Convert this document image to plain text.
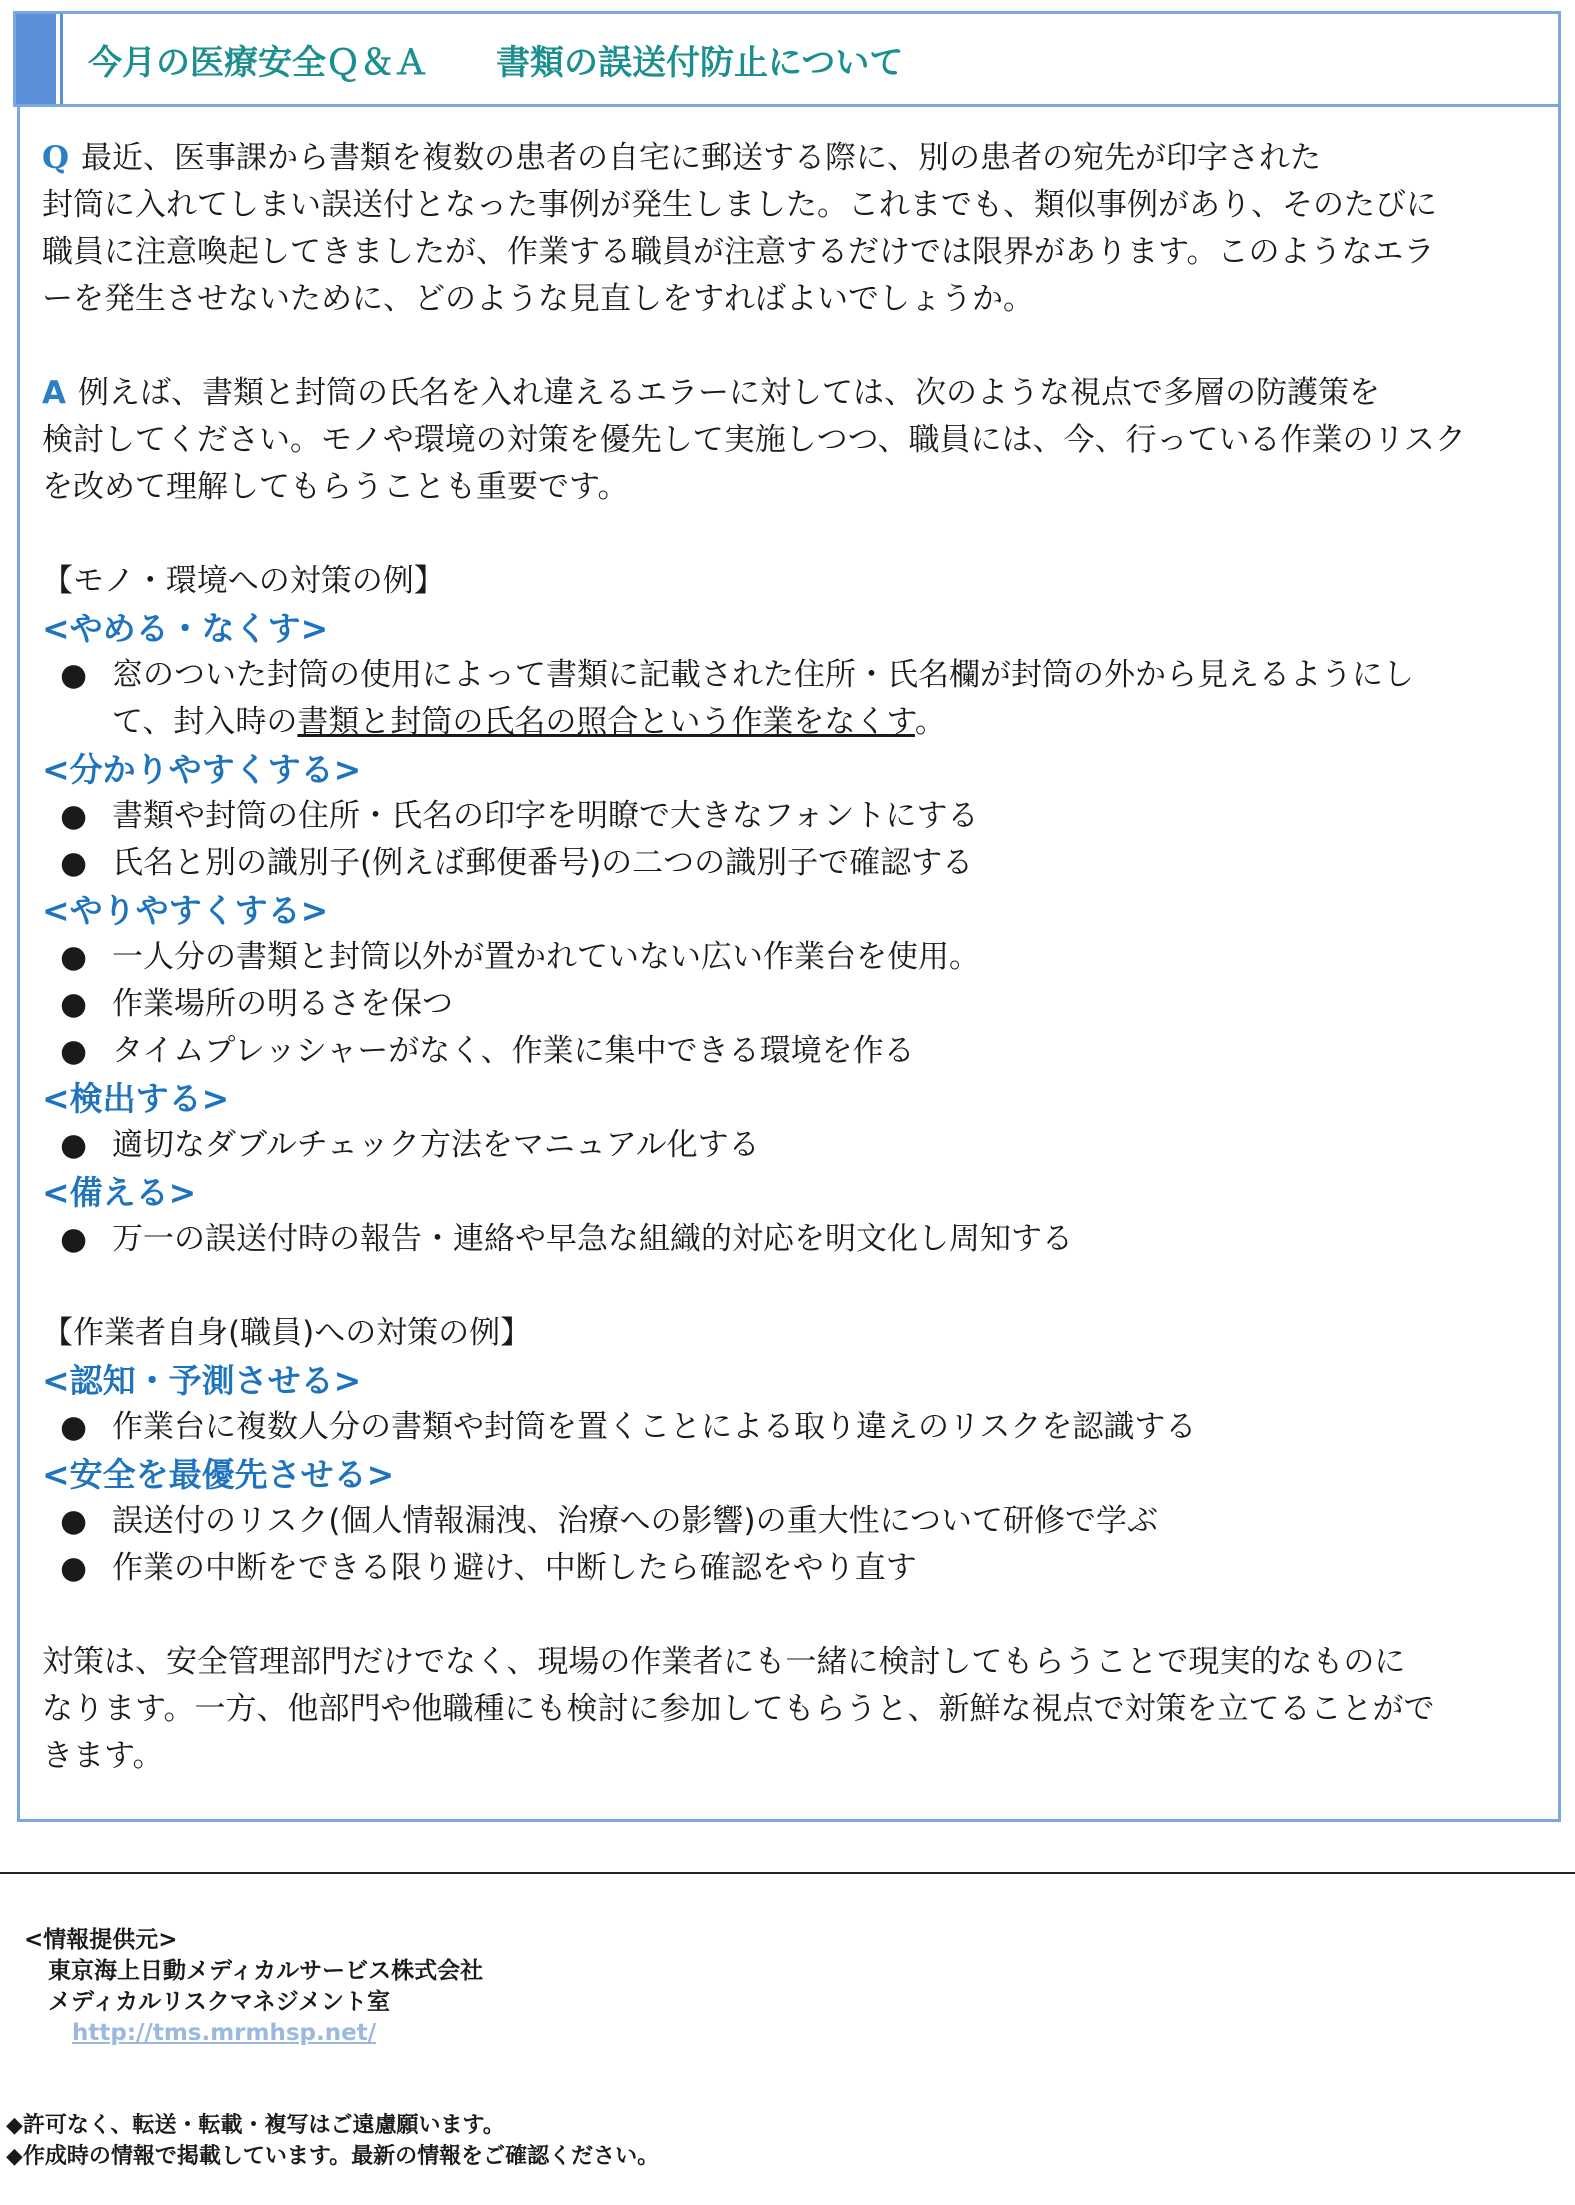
今月の医療安全Ｑ＆Ａ　　書類の誤送付防止について

Q 最近、医事課から書類を複数の患者の自宅に郵送する際に、別の患者の宛先が印字された

封筒に入れてしまい誤送付となった事例が発生しました。これまでも、類似事例があり、そのたびに

職員に注意喚起してきましたが、作業する職員が注意するだけでは限界があります。このようなエラ

ーを発生させないために、どのような見直しをすればよいでしょうか。

A 例えば、書類と封筒の氏名を入れ違えるエラーに対しては、次のような視点で多層の防護策を

検討してください。モノや環境の対策を優先して実施しつつ、職員には、今、行っている作業のリスク

を改めて理解してもらうことも重要です。

【モノ・環境への対策の例】

<やめる・なくす>

● 窓のついた封筒の使用によって書類に記載された住所・氏名欄が封筒の外から見えるようにし
て、封入時の書類と封筒の氏名の照合という作業をなくす。

<分かりやすくする>

● 書類や封筒の住所・氏名の印字を明瞭で大きなフォントにする

● 氏名と別の識別子(例えば郵便番号)の二つの識別子で確認する

<やりやすくする>

● 一人分の書類と封筒以外が置かれていない広い作業台を使用。

● 作業場所の明るさを保つ

● タイムプレッシャーがなく、作業に集中できる環境を作る

<検出する>

● 適切なダブルチェック方法をマニュアル化する

<備える>

● 万一の誤送付時の報告・連絡や早急な組織的対応を明文化し周知する

【作業者自身(職員)への対策の例】

<認知・予測させる>

● 作業台に複数人分の書類や封筒を置くことによる取り違えのリスクを認識する

<安全を最優先させる>

● 誤送付のリスク(個人情報漏洩、治療への影響)の重大性について研修で学ぶ

● 作業の中断をできる限り避け、中断したら確認をやり直す

対策は、安全管理部門だけでなく、現場の作業者にも一緒に検討してもらうことで現実的なものに

なります。一方、他部門や他職種にも検討に参加してもらうと、新鮮な視点で対策を立てることがで

きます。

<情報提供元>
東京海上日動メディカルサービス株式会社
メディカルリスクマネジメント室
http://tms.mrmhsp.net/
◆許可なく、転送・転載・複写はご遠慮願います。
◆作成時の情報で掲載しています。最新の情報をご確認ください。
